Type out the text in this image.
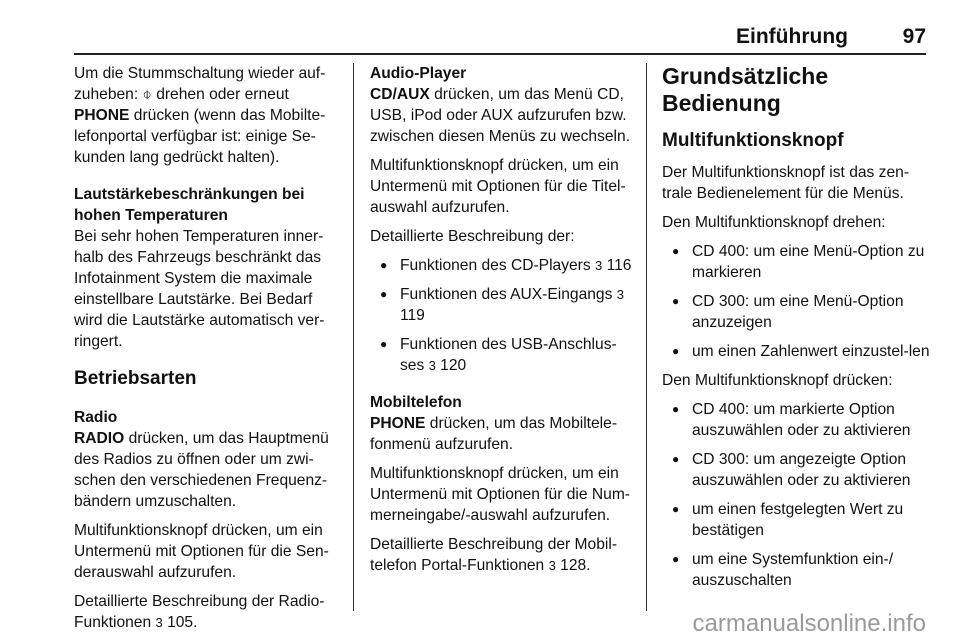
Einführung	97

Um die Stummschaltung wieder auf-zuheben: ⌽ drehen oder erneut PHONE drücken (wenn das Mobilte-lefonportal verfügbar ist: einige Se-kunden lang gedrückt halten).

Lautstärkebeschränkungen bei hohen Temperaturen

Bei sehr hohen Temperaturen inner-halb des Fahrzeugs beschränkt das Infotainment System die maximale einstellbare Lautstärke. Bei Bedarf wird die Lautstärke automatisch ver-ringert.

Betriebsarten

Radio

RADIO drücken, um das Hauptmenü des Radios zu öffnen oder um zwi-schen den verschiedenen Frequenz-bändern umzuschalten.

Multifunktionsknopf drücken, um ein Untermenü mit Optionen für die Sen-derauswahl aufzurufen.

Detaillierte Beschreibung der Radio-Funktionen 3 105.

Audio-Player

CD/AUX drücken, um das Menü CD, USB, iPod oder AUX aufzurufen bzw. zwischen diesen Menüs zu wechseln.

Multifunktionsknopf drücken, um ein Untermenü mit Optionen für die Titel-auswahl aufzurufen.

Detaillierte Beschreibung der:

● Funktionen des CD-Players 3 116
● Funktionen des AUX-Eingangs 3 119
● Funktionen des USB-Anschlus-ses 3 120

Mobiltelefon

PHONE drücken, um das Mobiltele-fonmenü aufzurufen.

Multifunktionsknopf drücken, um ein Untermenü mit Optionen für die Num-merneingabe/-auswahl aufzurufen.

Detaillierte Beschreibung der Mobil-telefon Portal-Funktionen 3 128.

Grundsätzliche Bedienung
Multifunktionsknopf

Der Multifunktionsknopf ist das zen-trale Bedienelement für die Menüs.

Den Multifunktionsknopf drehen:

● CD 400: um eine Menü-Option zu markieren
● CD 300: um eine Menü-Option anzuzeigen
● um einen Zahlenwert einzustel-len

Den Multifunktionsknopf drücken:

● CD 400: um markierte Option auszuwählen oder zu aktivieren
● CD 300: um angezeigte Option auszuwählen oder zu aktivieren
● um einen festgelegten Wert zu bestätigen
● um eine Systemfunktion ein-/ auszuschalten
carmanualsonline.info
